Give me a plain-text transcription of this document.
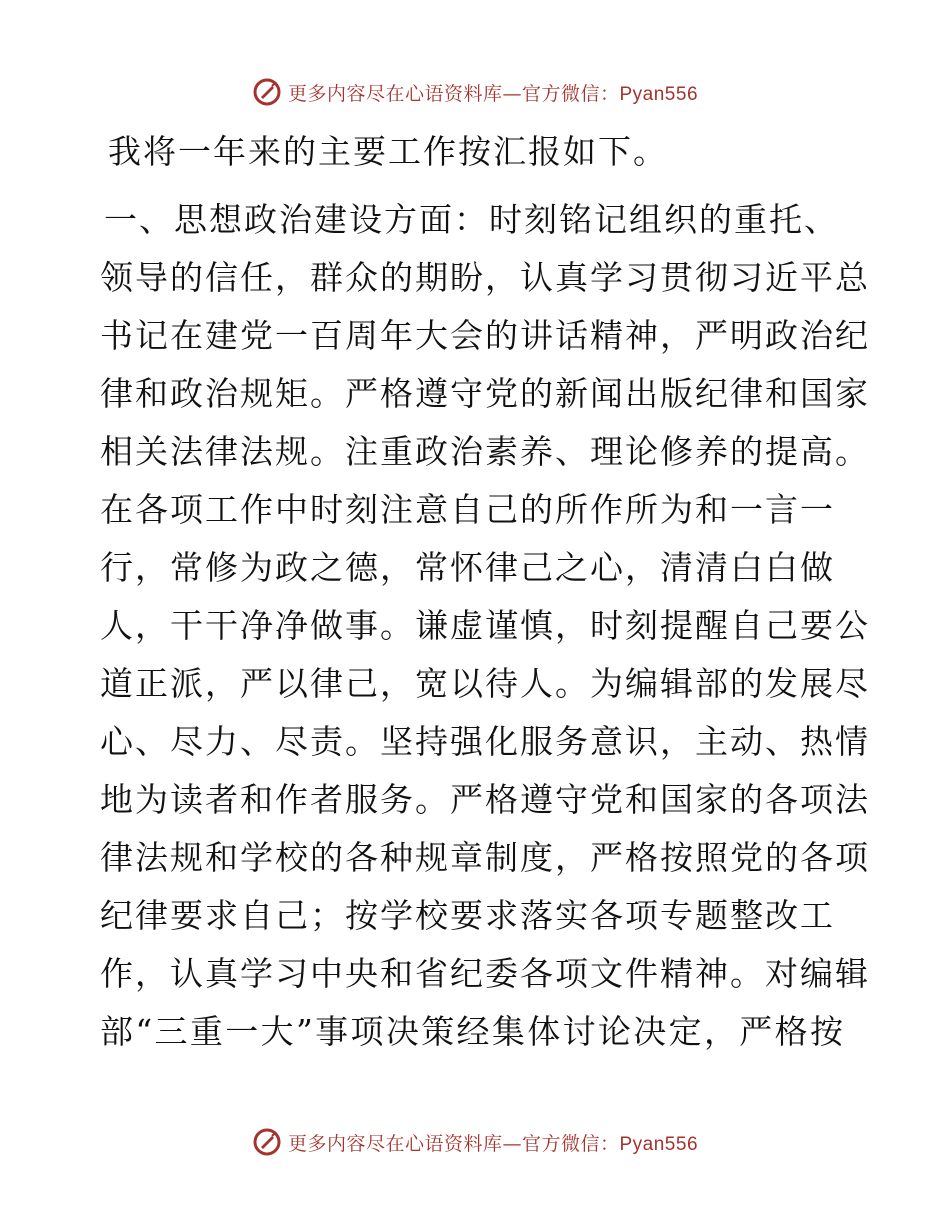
更多内容尽在心语资料库—官方微信：Pyan556
我将一年来的主要工作按汇报如下。
一、思想政治建设方面：时刻铭记组织的重托、
领导的信任，群众的期盼，认真学习贯彻习近平总
书记在建党一百周年大会的讲话精神，严明政治纪
律和政治规矩。严格遵守党的新闻出版纪律和国家
相关法律法规。注重政治素养、理论修养的提高。
在各项工作中时刻注意自己的所作所为和一言一
行，常修为政之德，常怀律己之心，清清白白做
人，干干净净做事。谦虚谨慎，时刻提醒自己要公
道正派，严以律己，宽以待人。为编辑部的发展尽
心、尽力、尽责。坚持强化服务意识，主动、热情
地为读者和作者服务。严格遵守党和国家的各项法
律法规和学校的各种规章制度，严格按照党的各项
纪律要求自己；按学校要求落实各项专题整改工
作，认真学习中央和省纪委各项文件精神。对编辑
部“三重一大”事项决策经集体讨论决定，严格按
更多内容尽在心语资料库—官方微信：Pyan556
